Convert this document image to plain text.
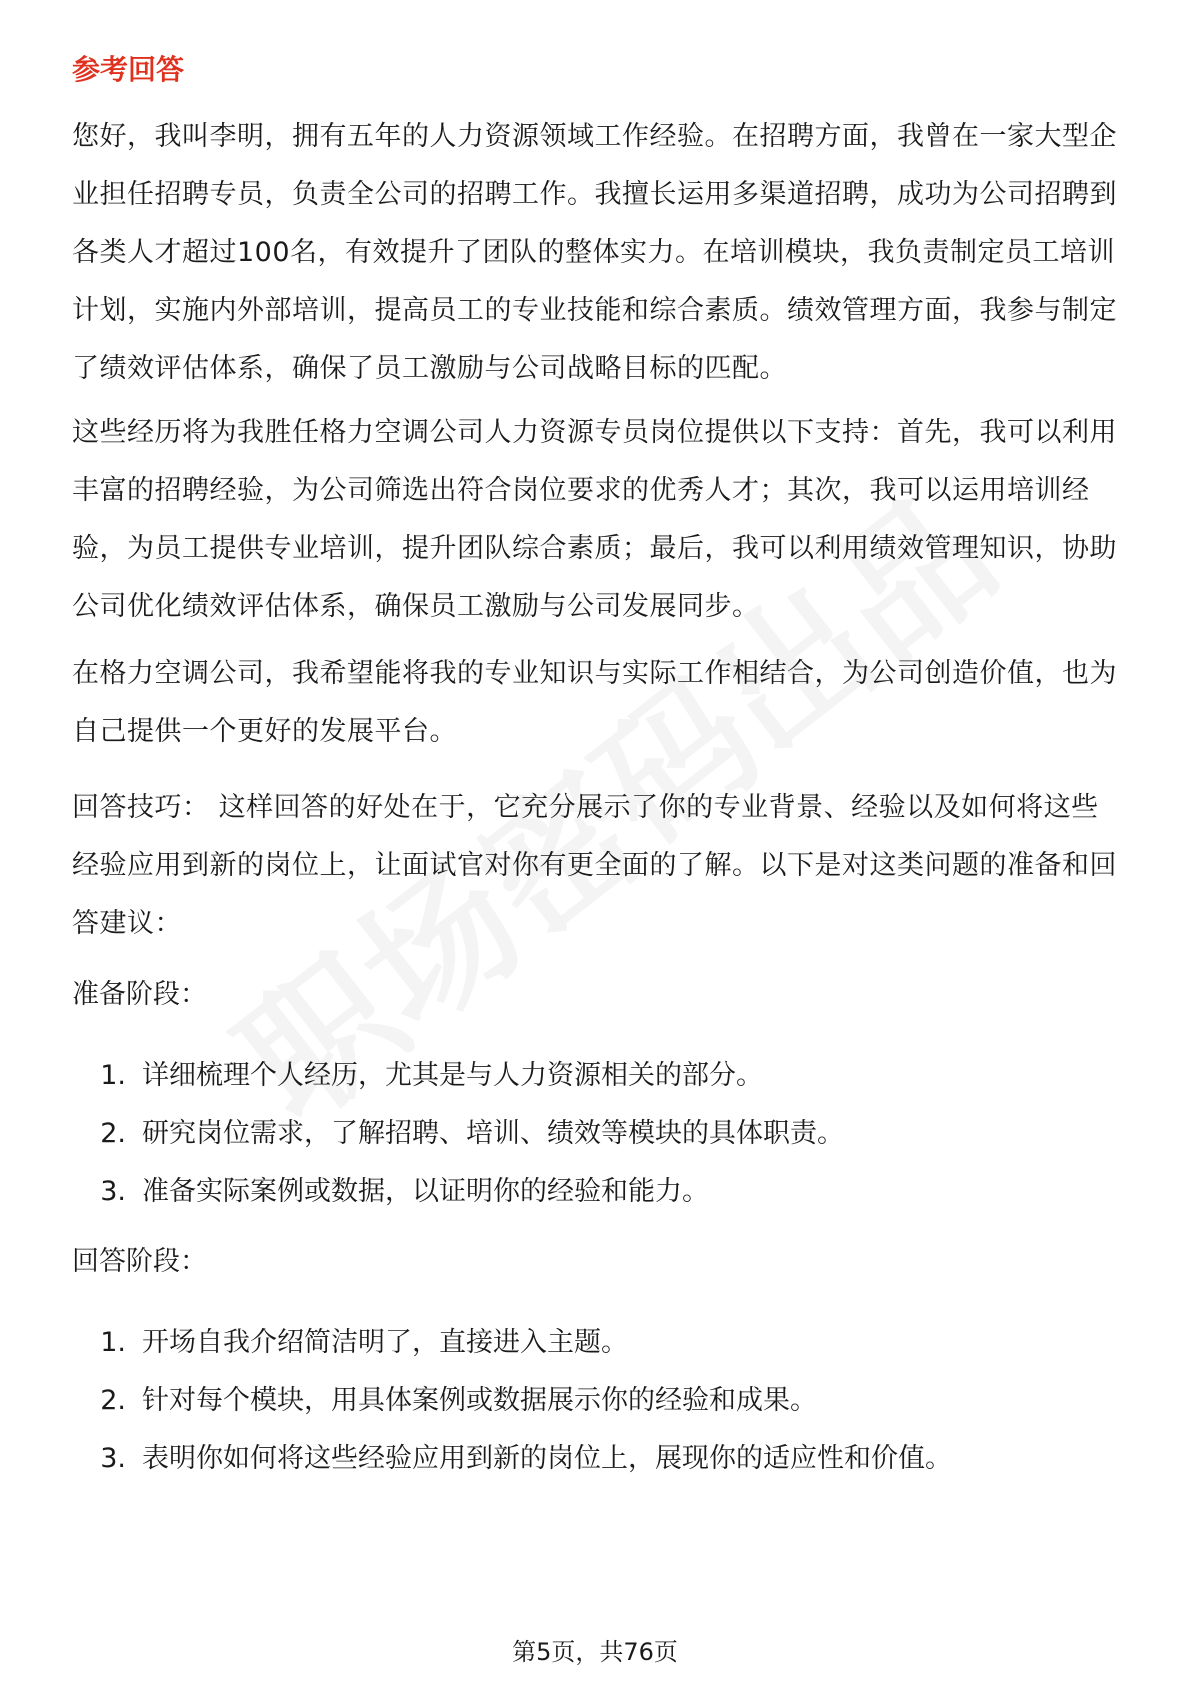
参考回答

您好，我叫李明，拥有五年的人力资源领域工作经验。在招聘方面，我曾在一家大型企业担任招聘专员，负责全公司的招聘工作。我擅长运用多渠道招聘，成功为公司招聘到各类人才超过100名，有效提升了团队的整体实力。在培训模块，我负责制定员工培训计划，实施内外部培训，提高员工的专业技能和综合素质。绩效管理方面，我参与制定了绩效评估体系，确保了员工激励与公司战略目标的匹配。

这些经历将为我胜任格力空调公司人力资源专员岗位提供以下支持：首先，我可以利用丰富的招聘经验，为公司筛选出符合岗位要求的优秀人才；其次，我可以运用培训经验，为员工提供专业培训，提升团队综合素质；最后，我可以利用绩效管理知识，协助公司优化绩效评估体系，确保员工激励与公司发展同步。

在格力空调公司，我希望能将我的专业知识与实际工作相结合，为公司创造价值，也为自己提供一个更好的发展平台。

回答技巧： 这样回答的好处在于，它充分展示了你的专业背景、经验以及如何将这些经验应用到新的岗位上，让面试官对你有更全面的了解。以下是对这类问题的准备和回答建议：

准备阶段：
1. 详细梳理个人经历，尤其是与人力资源相关的部分。
2. 研究岗位需求，了解招聘、培训、绩效等模块的具体职责。
3. 准备实际案例或数据，以证明你的经验和能力。
回答阶段：
1. 开场自我介绍简洁明了，直接进入主题。
2. 针对每个模块，用具体案例或数据展示你的经验和成果。
3. 表明你如何将这些经验应用到新的岗位上，展现你的适应性和价值。
第5页，共76页
